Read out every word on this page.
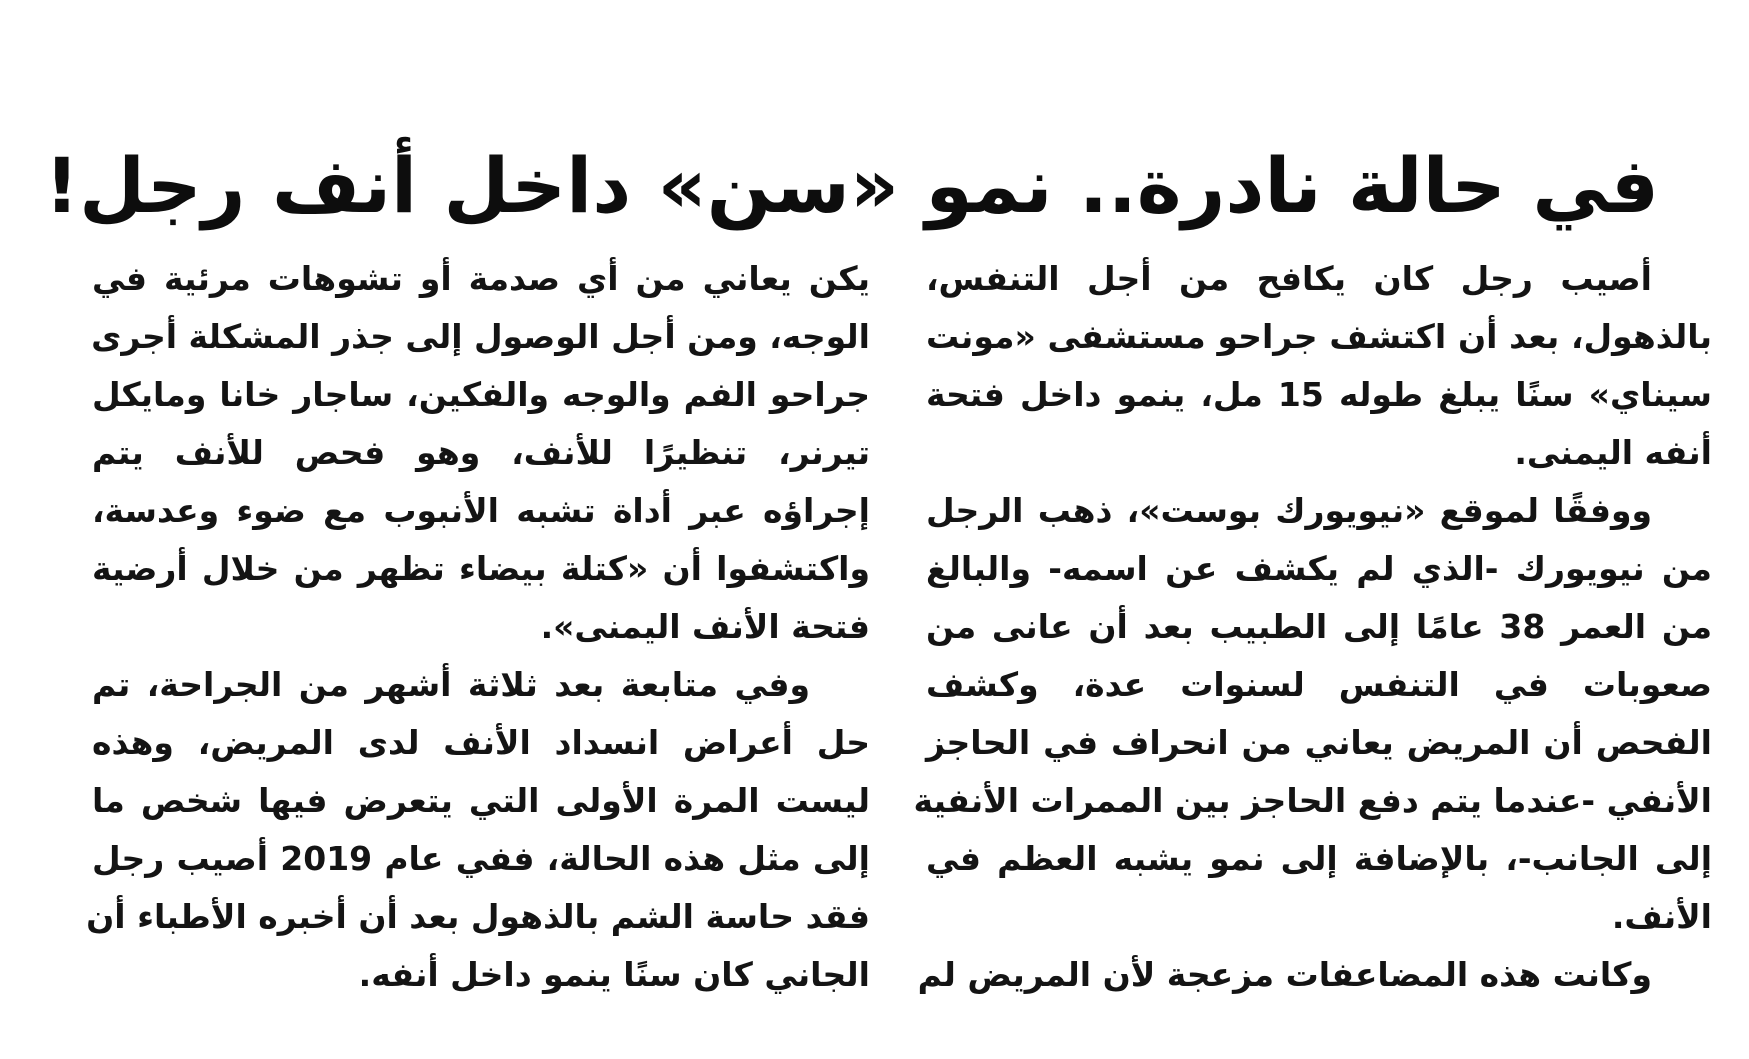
في حالة نادرة.. نمو «سن» داخل أنف رجل!

أصيب رجل كان يكافح من أجل التنفس،
بالذهول، بعد أن اكتشف جراحو مستشفى «مونت
سيناي» سنًا يبلغ طوله 15 مل، ينمو داخل فتحة
أنفه اليمنى.

ووفقًا لموقع «نيويورك بوست»، ذهب الرجل
من نيويورك -الذي لم يكشف عن اسمه- والبالغ
من العمر 38 عامًا إلى الطبيب بعد أن عانى من
صعوبات في التنفس لسنوات عدة، وكشف
الفحص أن المريض يعاني من انحراف في الحاجز
الأنفي -عندما يتم دفع الحاجز بين الممرات الأنفية
إلى الجانب-، بالإضافة إلى نمو يشبه العظم في
الأنف.

وكانت هذه المضاعفات مزعجة لأن المريض لم

يكن يعاني من أي صدمة أو تشوهات مرئية في
الوجه، ومن أجل الوصول إلى جذر المشكلة أجرى
جراحو الفم والوجه والفكين، ساجار خانا ومايكل
تيرنر، تنظيرًا للأنف، وهو فحص للأنف يتم
إجراؤه عبر أداة تشبه الأنبوب مع ضوء وعدسة،
واكتشفوا أن «كتلة بيضاء تظهر من خلال أرضية
فتحة الأنف اليمنى».

وفي متابعة بعد ثلاثة أشهر من الجراحة، تم
حل أعراض انسداد الأنف لدى المريض، وهذه
ليست المرة الأولى التي يتعرض فيها شخص ما
إلى مثل هذه الحالة، ففي عام 2019 أصيب رجل
فقد حاسة الشم بالذهول بعد أن أخبره الأطباء أن
الجاني كان سنًا ينمو داخل أنفه.
